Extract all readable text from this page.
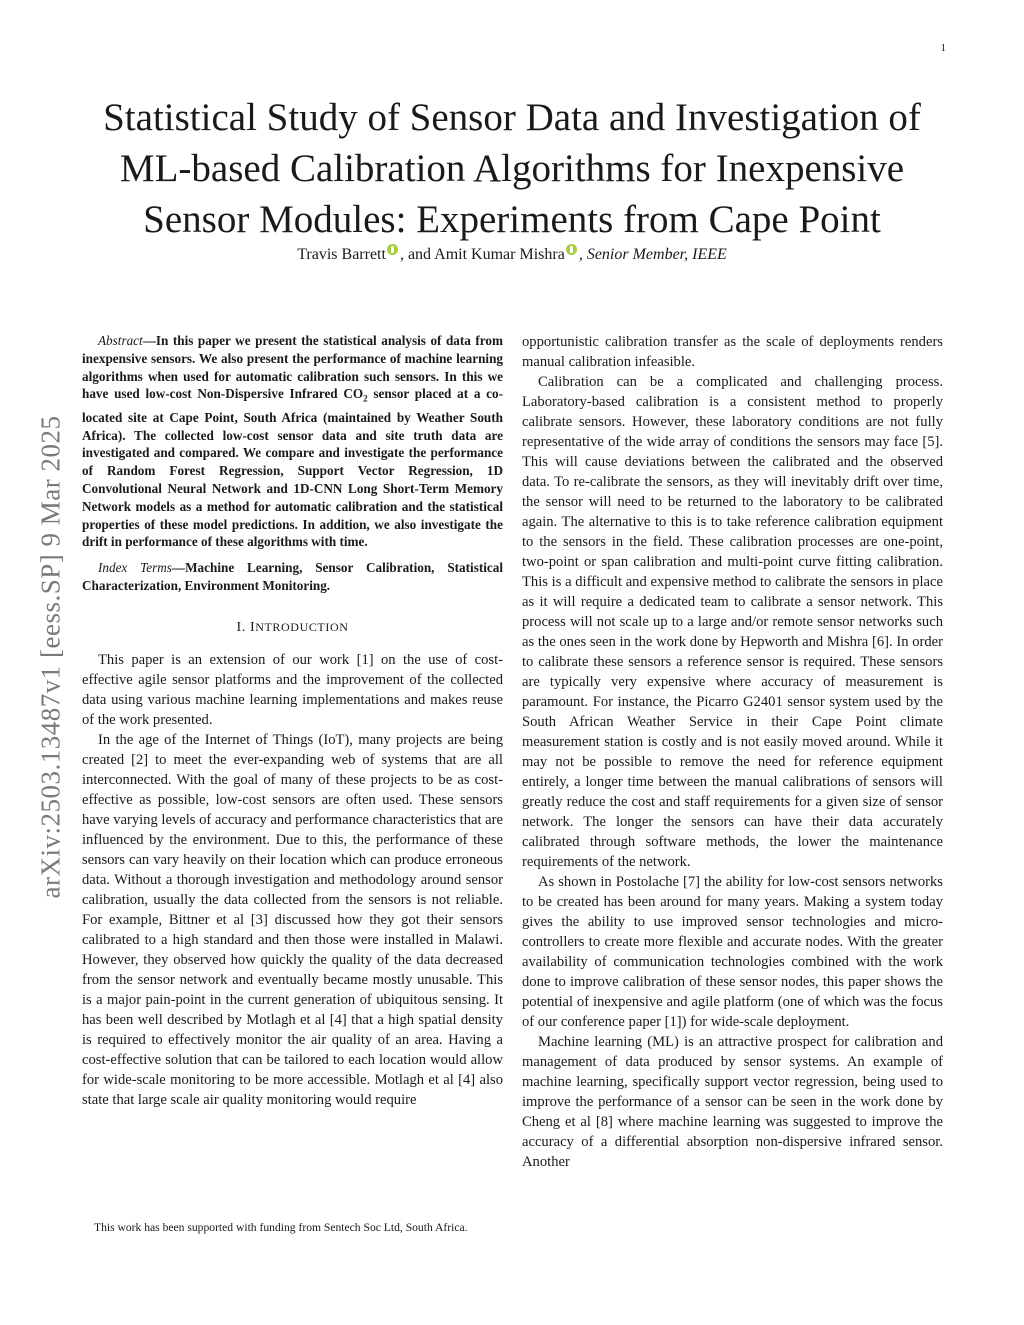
1
arXiv:2503.13487v1 [eess.SP] 9 Mar 2025
Statistical Study of Sensor Data and Investigation of
ML-based Calibration Algorithms for Inexpensive
Sensor Modules: Experiments from Cape Point
Travis Barrett , and Amit Kumar Mishra , Senior Member, IEEE

Abstract—In this paper we present the statistical analysis of data from inexpensive sensors. We also present the performance of machine learning algorithms when used for automatic calibration such sensors. In this we have used low-cost Non-Dispersive Infrared $CO_2$ sensor placed at a co-located site at Cape Point, South Africa (maintained by Weather South Africa). The collected low-cost sensor data and site truth data are investigated and compared. We compare and investigate the performance of Random Forest Regression, Support Vector Regression, 1D Convolutional Neural Network and 1D-CNN Long Short-Term Memory Network models as a method for automatic calibration and the statistical properties of these model predictions. In addition, we also investigate the drift in performance of these algorithms with time.

Index Terms—Machine Learning, Sensor Calibration, Statistical Characterization, Environment Monitoring.

I. INTRODUCTION

This paper is an extension of our work [1] on the use of cost-effective agile sensor platforms and the improvement of the collected data using various machine learning implementations and makes reuse of the work presented.

In the age of the Internet of Things (IoT), many projects are being created [2] to meet the ever-expanding web of systems that are all interconnected. With the goal of many of these projects to be as cost-effective as possible, low-cost sensors are often used. These sensors have varying levels of accuracy and performance characteristics that are influenced by the environment. Due to this, the performance of these sensors can vary heavily on their location which can produce erroneous data. Without a thorough investigation and methodology around sensor calibration, usually the data collected from the sensors is not reliable. For example, Bittner et al [3] discussed how they got their sensors calibrated to a high standard and then those were installed in Malawi. However, they observed how quickly the quality of the data decreased from the sensor network and eventually became mostly unusable. This is a major pain-point in the current generation of ubiquitous sensing. It has been well described by Motlagh et al [4] that a high spatial density is required to effectively monitor the air quality of an area. Having a cost-effective solution that can be tailored to each location would allow for wide-scale monitoring to be more accessible. Motlagh et al [4] also state that large scale air quality monitoring would require

This work has been supported with funding from Sentech Soc Ltd, South Africa.

opportunistic calibration transfer as the scale of deployments renders manual calibration infeasible.

Calibration can be a complicated and challenging process. Laboratory-based calibration is a consistent method to properly calibrate sensors. However, these laboratory conditions are not fully representative of the wide array of conditions the sensors may face [5]. This will cause deviations between the calibrated and the observed data. To re-calibrate the sensors, as they will inevitably drift over time, the sensor will need to be returned to the laboratory to be calibrated again. The alternative to this is to take reference calibration equipment to the sensors in the field. These calibration processes are one-point, two-point or span calibration and multi-point curve fitting calibration. This is a difficult and expensive method to calibrate the sensors in place as it will require a dedicated team to calibrate a sensor network. This process will not scale up to a large and/or remote sensor networks such as the ones seen in the work done by Hepworth and Mishra [6]. In order to calibrate these sensors a reference sensor is required. These sensors are typically very expensive where accuracy of measurement is paramount. For instance, the Picarro G2401 sensor system used by the South African Weather Service in their Cape Point climate measurement station is costly and is not easily moved around. While it may not be possible to remove the need for reference equipment entirely, a longer time between the manual calibrations of sensors will greatly reduce the cost and staff requirements for a given size of sensor network. The longer the sensors can have their data accurately calibrated through software methods, the lower the maintenance requirements of the network.

As shown in Postolache [7] the ability for low-cost sensors networks to be created has been around for many years. Making a system today gives the ability to use improved sensor technologies and micro-controllers to create more flexible and accurate nodes. With the greater availability of communication technologies combined with the work done to improve calibration of these sensor nodes, this paper shows the potential of inexpensive and agile platform (one of which was the focus of our conference paper [1]) for wide-scale deployment.

Machine learning (ML) is an attractive prospect for calibration and management of data produced by sensor systems. An example of machine learning, specifically support vector regression, being used to improve the performance of a sensor can be seen in the work done by Cheng et al [8] where machine learning was suggested to improve the accuracy of a differential absorption non-dispersive infrared sensor. Another
